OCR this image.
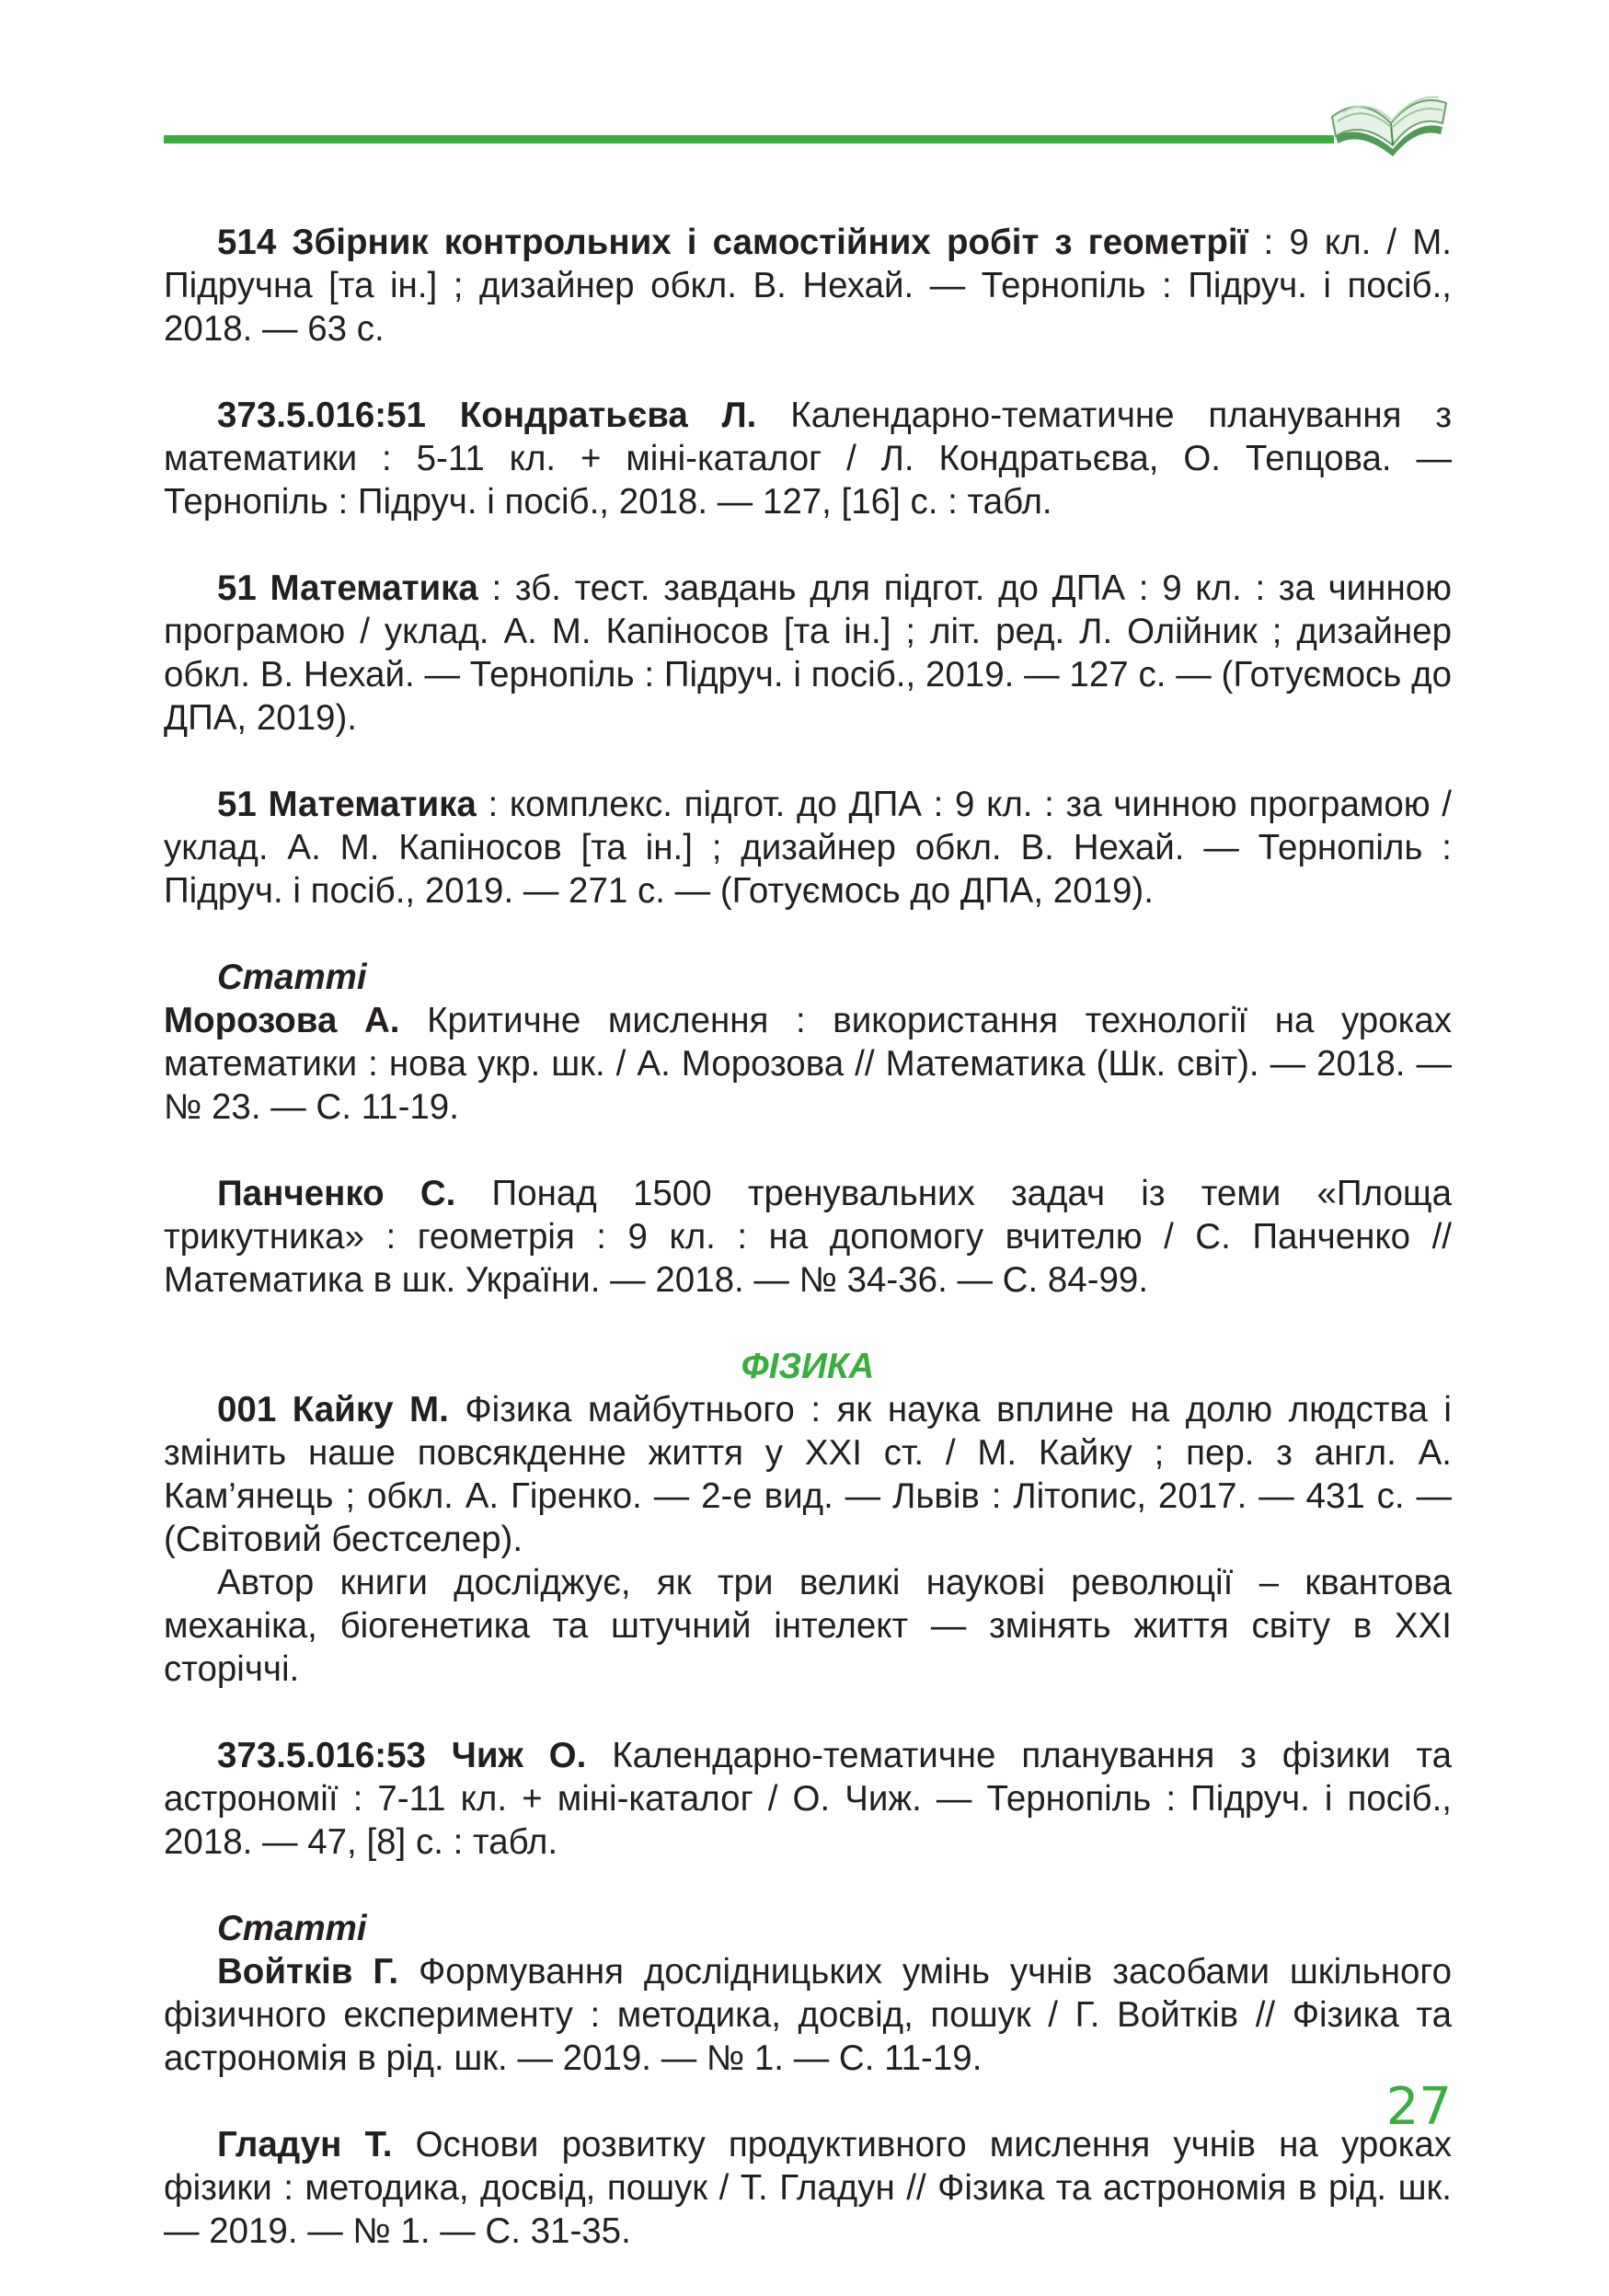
514 Збірник контрольних і самостійних робіт з геометрії : 9 кл. / М. Підручна [та ін.] ; дизайнер обкл. В. Нехай. — Тернопіль : Підруч. і посіб., 2018. — 63 с.

373.5.016:51 Кондратьєва Л. Календарно-тематичне планування з математики : 5-11 кл. + міні-каталог / Л. Кондратьєва, О. Тепцова. — Тернопіль : Підруч. і посіб., 2018. — 127, [16] с. : табл.

51 Математика : зб. тест. завдань для підгот. до ДПА : 9 кл. : за чинною програмою / уклад. А. М. Капіносов [та ін.] ; літ. ред. Л. Олійник ; дизайнер обкл. В. Нехай. — Тернопіль : Підруч. і посіб., 2019. — 127 с. — (Готуємось до ДПА, 2019).

51 Математика : комплекс. підгот. до ДПА : 9 кл. : за чинною програмою / уклад. А. М. Капіносов [та ін.] ; дизайнер обкл. В. Нехай. — Тернопіль : Підруч. і посіб., 2019. — 271 с. — (Готуємось до ДПА, 2019).

Статті

Морозова А. Критичне мислення : використання технології на уроках математики : нова укр. шк. / А. Морозова // Математика (Шк. світ). — 2018. — № 23. — С. 11-19.

Панченко С. Понад 1500 тренувальних задач із теми «Площа трикутника» : геометрія : 9 кл. : на допомогу вчителю / С. Панченко // Математика в шк. України. — 2018. — № 34-36. — С. 84-99.

ФІЗИКА

001 Кайку М. Фізика майбутнього : як наука вплине на долю людства і змінить наше повсякденне життя у XXI ст. / М. Кайку ; пер. з англ. А. Кам’янець ; обкл. А. Гіренко. — 2-е вид. — Львів : Літопис, 2017. — 431 с. — (Світовий бестселер).

Автор книги досліджує, як три великі наукові революції – квантова механіка, біогенетика та штучний інтелект — змінять життя світу в XXI сторіччі.

373.5.016:53 Чиж О. Календарно-тематичне планування з фізики та астрономії : 7-11 кл. + міні-каталог / О. Чиж. — Тернопіль : Підруч. і посіб., 2018. — 47, [8] с. : табл.

Статті

Войтків Г. Формування дослідницьких умінь учнів засобами шкільного фізичного експерименту : методика, досвід, пошук / Г. Войтків // Фізика та астрономія в рід. шк. — 2019. — № 1. — С. 11-19.

Гладун Т. Основи розвитку продуктивного мислення учнів на уроках фізики : методика, досвід, пошук / Т. Гладун // Фізика та астрономія в рід. шк. — 2019. — № 1. — С. 31-35.

27
